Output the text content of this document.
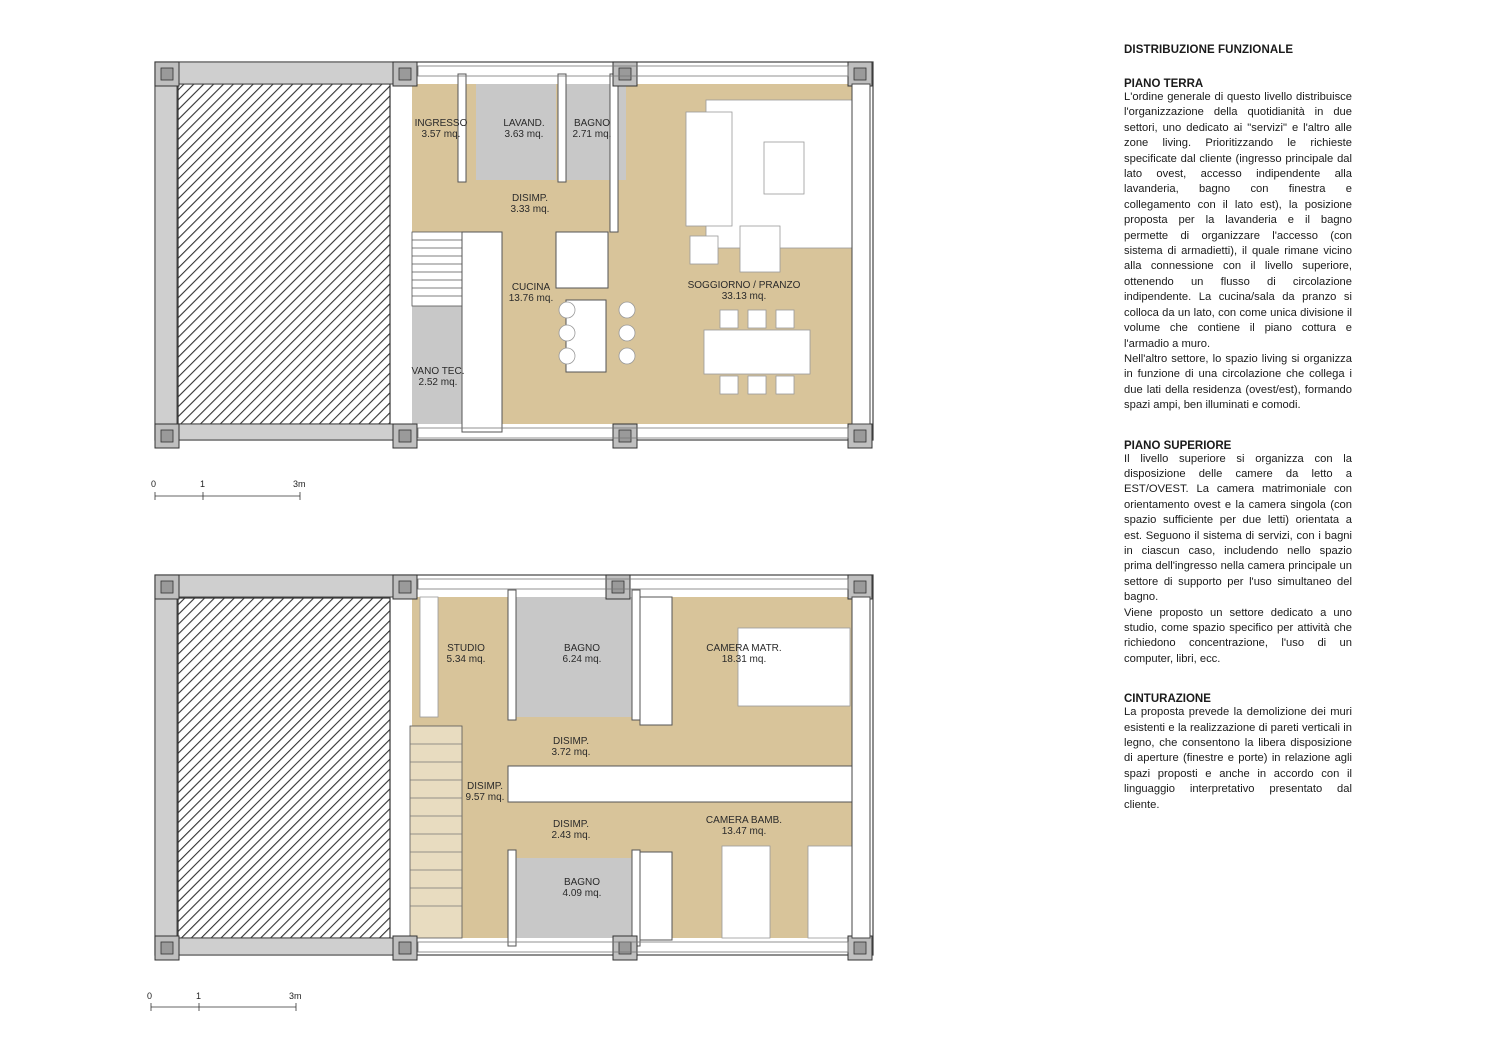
INGRESSO
3.57 mq.
LAVAND.
3.63 mq.
BAGNO
2.71 mq.
DISIMP.
3.33 mq.
CUCINA
13.76 mq.
SOGGIORNO / PRANZO
33.13 mq.
VANO TEC.
2.52 mq.
0	1	3m
STUDIO
5.34 mq.
BAGNO
6.24 mq.
CAMERA MATR.
18.31 mq.
DISIMP.
3.72 mq.
DISIMP.
9.57 mq.
DISIMP.
2.43 mq.
CAMERA BAMB.
13.47 mq.
BAGNO
4.09 mq.
0	1	3m
DISTRIBUZIONE FUNZIONALE
PIANO TERRA

L'ordine generale di questo livello distribuisce l'organizzazione della quotidianità in due settori, uno dedicato ai "servizi" e l'altro alle zone living. Prioritizzando le richieste specificate dal cliente (ingresso principale dal lato ovest, accesso indipendente alla lavanderia, bagno con finestra e collegamento con il lato est), la posizione proposta per la lavanderia e il bagno permette di organizzare l'accesso (con sistema di armadietti), il quale rimane vicino alla connessione con il livello superiore, ottenendo un flusso di circolazione indipendente. La cucina/sala da pranzo si colloca da un lato, con come unica divisione il volume che contiene il piano cottura e l'armadio a muro.

Nell'altro settore, lo spazio living si organizza in funzione di una circolazione che collega i due lati della residenza (ovest/est), formando spazi ampi, ben illuminati e comodi.

PIANO SUPERIORE

Il livello superiore si organizza con la disposizione delle camere da letto a EST/OVEST. La camera matrimoniale con orientamento ovest e la camera singola (con spazio sufficiente per due letti) orientata a est. Seguono il sistema di servizi, con i bagni in ciascun caso, includendo nello spazio prima dell'ingresso nella camera principale un settore di supporto per l'uso simultaneo del bagno.

Viene proposto un settore dedicato a uno studio, come spazio specifico per attività che richiedono concentrazione, l'uso di un computer, libri, ecc.

CINTURAZIONE

La proposta prevede la demolizione dei muri esistenti e la realizzazione di pareti verticali in legno, che consentono la libera disposizione di aperture (finestre e porte) in relazione agli spazi proposti e anche in accordo con il linguaggio interpretativo presentato dal cliente.
